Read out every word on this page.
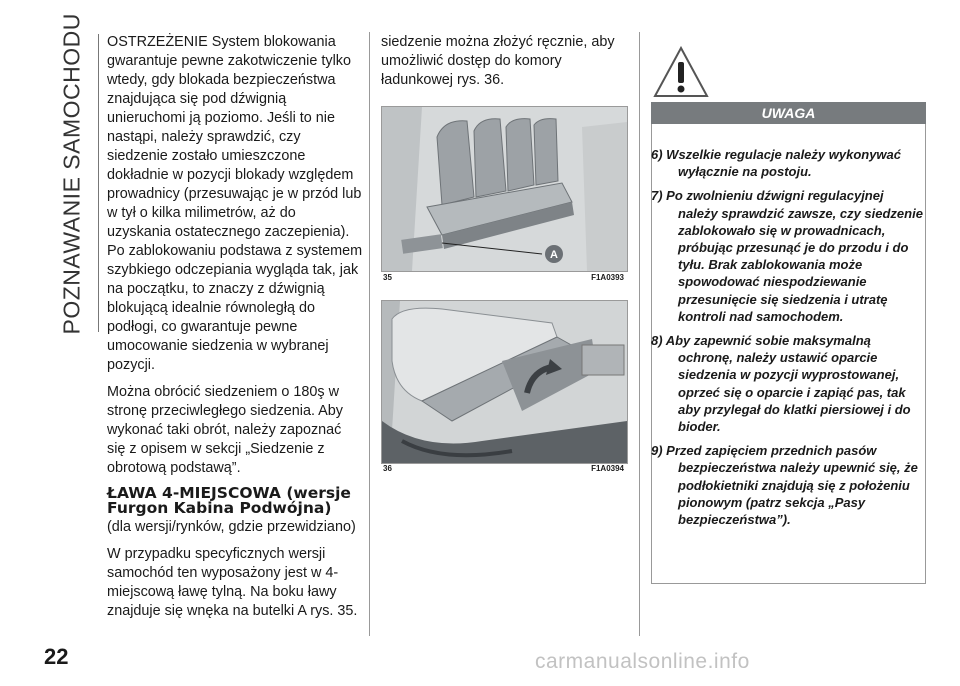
POZNAWANIE SAMOCHODU OSTRZEŻENIE System blokowania gwarantuje pewne zakotwiczenie tylko wtedy, gdy blokada bezpieczeństwa znajdująca się pod dźwignią unieruchomi ją poziomo. Jeśli to nie nastąpi, należy sprawdzić, czy siedzenie zostało umieszczone dokładnie w pozycji blokady względem prowadnicy (przesuwając je w przód lub w tył o kilka milimetrów, aż do uzyskania ostatecznego zaczepienia). Po zablokowaniu podstawa z systemem szybkiego odczepiania wygląda tak, jak na początku, to znaczy z dźwignią blokującą idealnie równoległą do podłogi, co gwarantuje pewne umocowanie siedzenia w wybranej pozycji.

Można obrócić siedzeniem o 180ş w stronę przeciwległego siedzenia. Aby wykonać taki obrót, należy zapoznać się z opisem w sekcji „Siedzenie z obrotową podstawą”.

ŁAWA 4-MIEJSCOWA (wersje Furgon Kabina Podwójna)

(dla wersji/rynków, gdzie przewidziano)

W przypadku specyficznych wersji samochód ten wyposażony jest w 4-miejscową ławę tylną. Na boku ławy znajduje się wnęka na butelki A rys. 35.

siedzenie można złożyć ręcznie, aby umożliwić dostęp do komory ładunkowej rys. 36.

A
35	F1A0393
36	F1A0394
UWAGA
6) Wszelkie regulacje należy wykonywać wyłącznie na postoju.
7) Po zwolnieniu dźwigni regulacyjnej należy sprawdzić zawsze, czy siedzenie zablokowało się w prowadnicach, próbując przesunąć je do przodu i do tyłu. Brak zablokowania może spowodować niespodziewanie przesunięcie się siedzenia i utratę kontroli nad samochodem.
8) Aby zapewnić sobie maksymalną ochronę, należy ustawić oparcie siedzenia w pozycji wyprostowanej, oprzeć się o oparcie i zapiąć pas, tak aby przylegał do klatki piersiowej i do bioder.
9) Przed zapięciem przednich pasów bezpieczeństwa należy upewnić się, że podłokietniki znajdują się z położeniu pionowym (patrz sekcja „Pasy bezpieczeństwa”).
22	carmanualsonline.info
